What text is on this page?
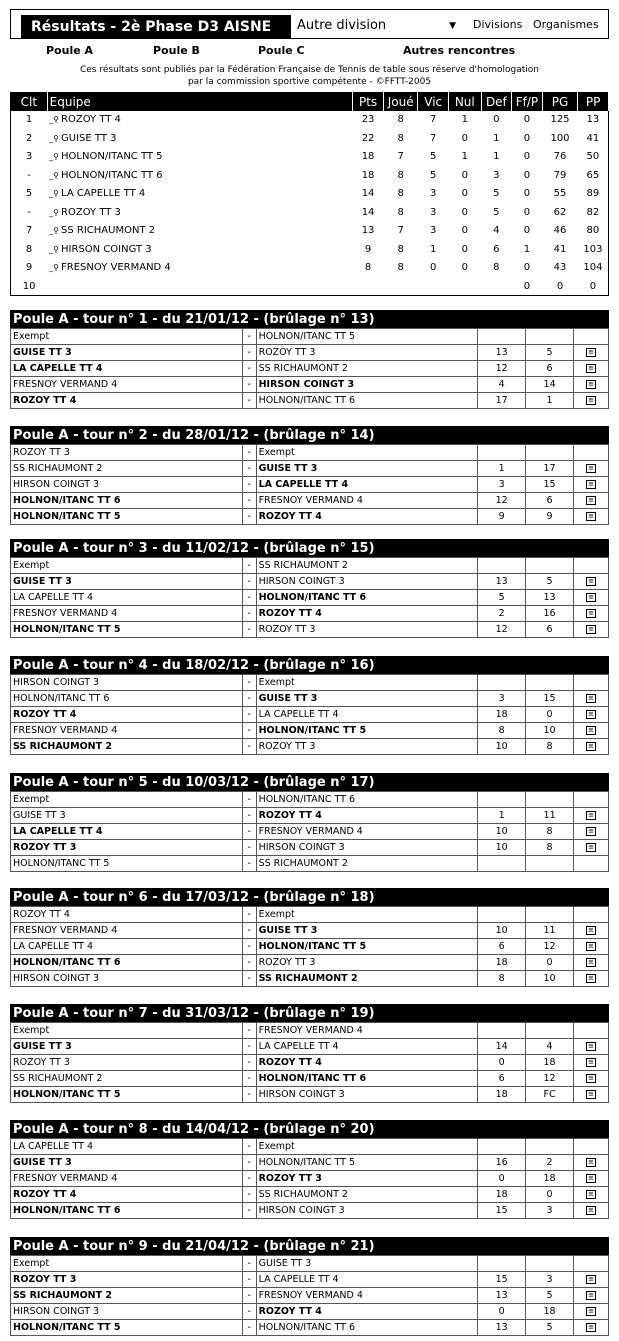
Résultats - 2è Phase D3 AISNE	Autre division	▼ Divisions Organismes
Poule A	Poule B	Poule C	Autres rencontres
Ces résultats sont publiés par la Fédération Française de Tennis de table sous réserve d'homologation
par la commission sportive compétente - ©FFTT-2005
Clt	Equipe	Pts	Joué	Vic	Nul	Def	Ff/P	PG	PP
1	_⚲ ROZOY TT 4	23	8	7	1	0	0	125	13
2	_⚲ GUISE TT 3	22	8	7	0	1	0	100	41
3	_⚲ HOLNON/ITANC TT 5	18	7	5	1	1	0	76	50
-	_⚲ HOLNON/ITANC TT 6	18	8	5	0	3	0	79	65
5	_⚲ LA CAPELLE TT 4	14	8	3	0	5	0	55	89
-	_⚲ ROZOY TT 3	14	8	3	0	5	0	62	82
7	_⚲ SS RICHAUMONT 2	13	7	3	0	4	0	46	80
8	_⚲ HIRSON COINGT 3	9	8	1	0	6	1	41	103
9	_⚲ FRESNOY VERMAND 4	8	8	0	0	8	0	43	104
10							0	0	0
Poule A - tour n° 1 - du 21/01/12 - (brûlage n° 13)
Exempt	-	HOLNON/ITANC TT 5			
GUISE TT 3	-	ROZOY TT 3	13	5	≡
LA CAPELLE TT 4	-	SS RICHAUMONT 2	12	6	≡
FRESNOY VERMAND 4	-	HIRSON COINGT 3	4	14	≡
ROZOY TT 4	-	HOLNON/ITANC TT 6	17	1	≡
Poule A - tour n° 2 - du 28/01/12 - (brûlage n° 14)
ROZOY TT 3	-	Exempt			
SS RICHAUMONT 2	-	GUISE TT 3	1	17	≡
HIRSON COINGT 3	-	LA CAPELLE TT 4	3	15	≡
HOLNON/ITANC TT 6	-	FRESNOY VERMAND 4	12	6	≡
HOLNON/ITANC TT 5	-	ROZOY TT 4	9	9	≡
Poule A - tour n° 3 - du 11/02/12 - (brûlage n° 15)
Exempt	-	SS RICHAUMONT 2			
GUISE TT 3	-	HIRSON COINGT 3	13	5	≡
LA CAPELLE TT 4	-	HOLNON/ITANC TT 6	5	13	≡
FRESNOY VERMAND 4	-	ROZOY TT 4	2	16	≡
HOLNON/ITANC TT 5	-	ROZOY TT 3	12	6	≡
Poule A - tour n° 4 - du 18/02/12 - (brûlage n° 16)
HIRSON COINGT 3	-	Exempt			
HOLNON/ITANC TT 6	-	GUISE TT 3	3	15	≡
ROZOY TT 4	-	LA CAPELLE TT 4	18	0	≡
FRESNOY VERMAND 4	-	HOLNON/ITANC TT 5	8	10	≡
SS RICHAUMONT 2	-	ROZOY TT 3	10	8	≡
Poule A - tour n° 5 - du 10/03/12 - (brûlage n° 17)
Exempt	-	HOLNON/ITANC TT 6			
GUISE TT 3	-	ROZOY TT 4	1	11	≡
LA CAPELLE TT 4	-	FRESNOY VERMAND 4	10	8	≡
ROZOY TT 3	-	HIRSON COINGT 3	10	8	≡
HOLNON/ITANC TT 5	-	SS RICHAUMONT 2			
Poule A - tour n° 6 - du 17/03/12 - (brûlage n° 18)
ROZOY TT 4	-	Exempt			
FRESNOY VERMAND 4	-	GUISE TT 3	10	11	≡
LA CAPELLE TT 4	-	HOLNON/ITANC TT 5	6	12	≡
HOLNON/ITANC TT 6	-	ROZOY TT 3	18	0	≡
HIRSON COINGT 3	-	SS RICHAUMONT 2	8	10	≡
Poule A - tour n° 7 - du 31/03/12 - (brûlage n° 19)
Exempt	-	FRESNOY VERMAND 4			
GUISE TT 3	-	LA CAPELLE TT 4	14	4	≡
ROZOY TT 3	-	ROZOY TT 4	0	18	≡
SS RICHAUMONT 2	-	HOLNON/ITANC TT 6	6	12	≡
HOLNON/ITANC TT 5	-	HIRSON COINGT 3	18	FC	≡
Poule A - tour n° 8 - du 14/04/12 - (brûlage n° 20)
LA CAPELLE TT 4	-	Exempt			
GUISE TT 3	-	HOLNON/ITANC TT 5	16	2	≡
FRESNOY VERMAND 4	-	ROZOY TT 3	0	18	≡
ROZOY TT 4	-	SS RICHAUMONT 2	18	0	≡
HOLNON/ITANC TT 6	-	HIRSON COINGT 3	15	3	≡
Poule A - tour n° 9 - du 21/04/12 - (brûlage n° 21)
Exempt	-	GUISE TT 3			
ROZOY TT 3	-	LA CAPELLE TT 4	15	3	≡
SS RICHAUMONT 2	-	FRESNOY VERMAND 4	13	5	≡
HIRSON COINGT 3	-	ROZOY TT 4	0	18	≡
HOLNON/ITANC TT 5	-	HOLNON/ITANC TT 6	13	5	≡
